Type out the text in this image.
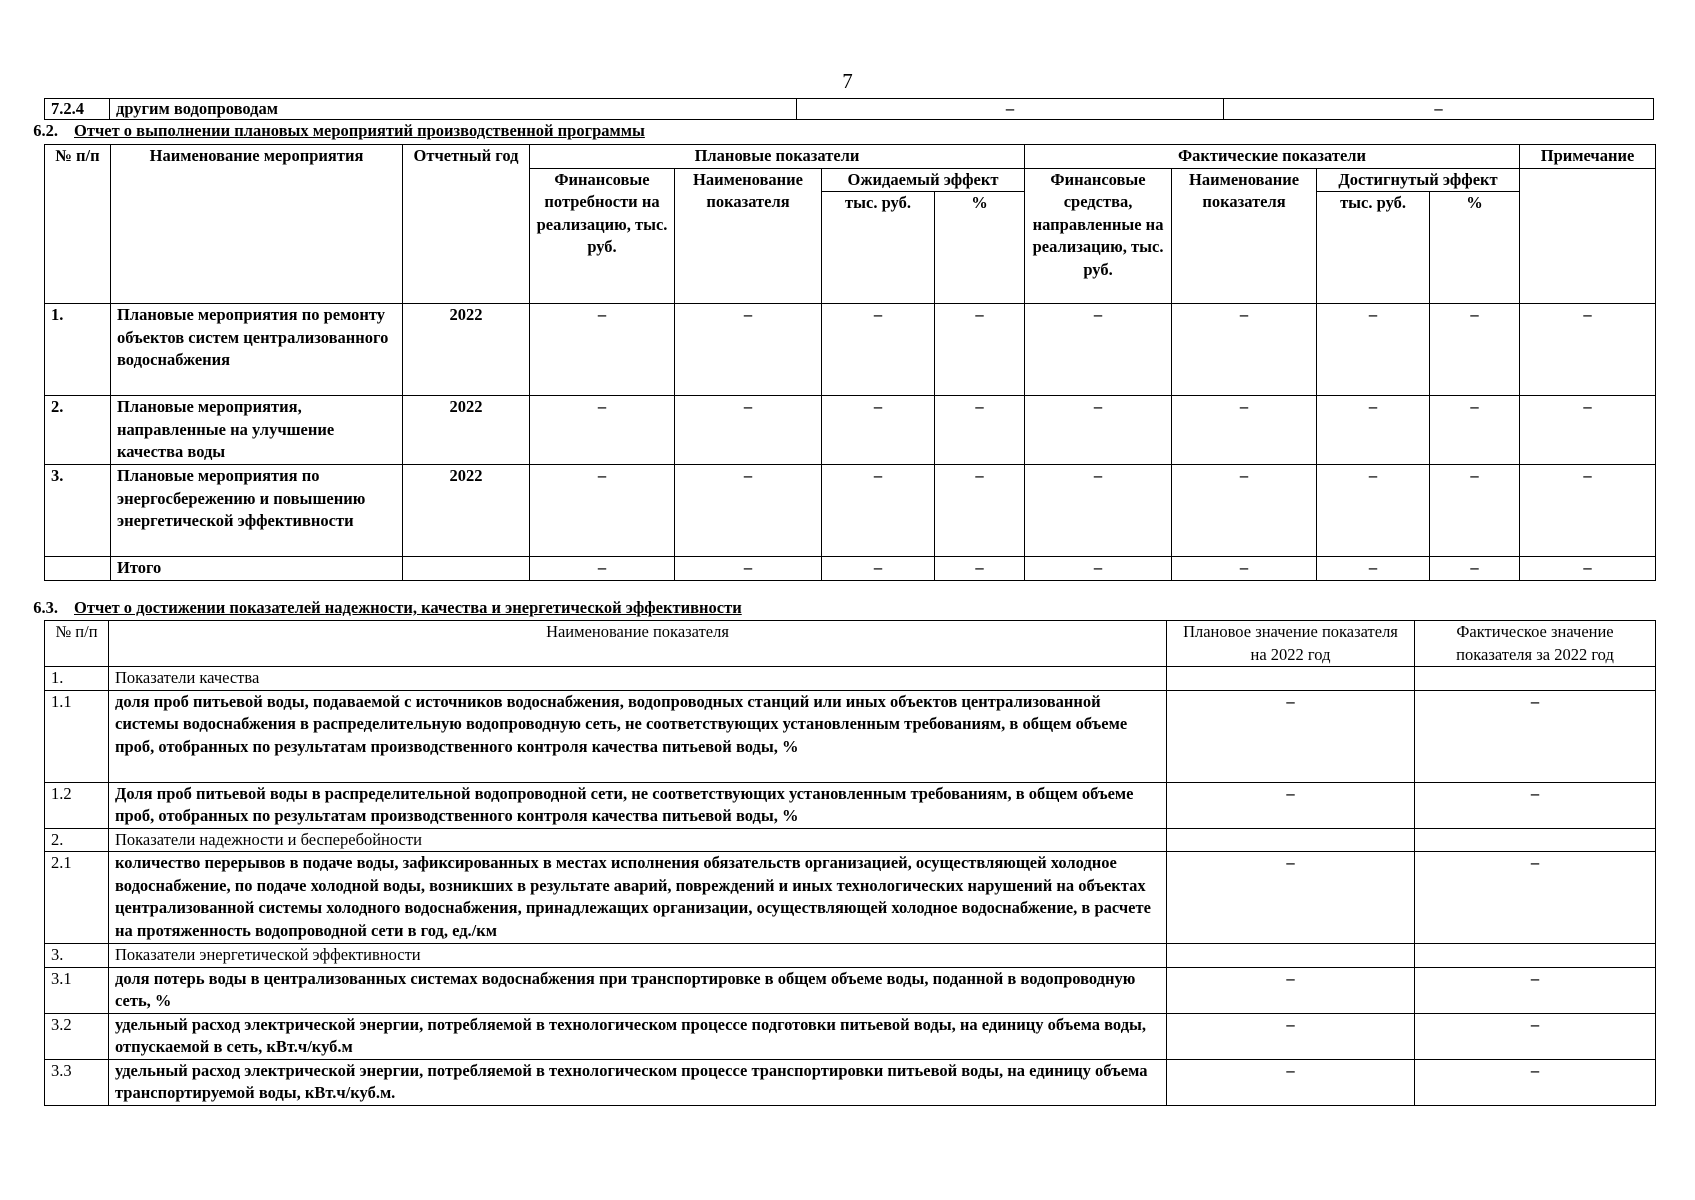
7
7.2.4	другим водопроводам	–	–
6.2. Отчет о выполнении плановых мероприятий производственной программы
№ п/п	Наименование мероприятия	Отчетный год	Плановые показатели				Фактические показатели				Примечание
			Финансовые потребности на реализацию, тыс. руб.	Наименование показателя	Ожидаемый эффект		Финансовые средства, направленные на реализацию, тыс. руб.	Наименование показателя	Достигнутый эффект		
					тыс. руб.	%			тыс. руб.	%	
1.	Плановые мероприятия по ремонту объектов систем централизованного водоснабжения	2022	–	–	–	–	–	–	–	–	–
2.	Плановые мероприятия, направленные на улучшение качества воды	2022	–	–	–	–	–	–	–	–	–
3.	Плановые мероприятия по энергосбережению и повышению энергетической эффективности	2022	–	–	–	–	–	–	–	–	–
	Итого		–	–	–	–	–	–	–	–	–
6.3. Отчет о достижении показателей надежности, качества и энергетической эффективности
№ п/п	Наименование показателя	Плановое значение показателя на 2022 год	Фактическое значение показателя за 2022 год
1.	Показатели качества		
1.1	доля проб питьевой воды, подаваемой с источников водоснабжения, водопроводных станций или иных объектов централизованной системы водоснабжения в распределительную водопроводную сеть, не соответствующих установленным требованиям, в общем объеме проб, отобранных по результатам производственного контроля качества питьевой воды, %	–	–
1.2	Доля проб питьевой воды в распределительной водопроводной сети, не соответствующих установленным требованиям, в общем объеме проб, отобранных по результатам производственного контроля качества питьевой воды, %	–	–
2.	Показатели надежности и бесперебойности		
2.1	количество перерывов в подаче воды, зафиксированных в местах исполнения обязательств организацией, осуществляющей холодное водоснабжение, по подаче холодной воды, возникших в результате аварий, повреждений и иных технологических нарушений на объектах централизованной системы холодного водоснабжения, принадлежащих организации, осуществляющей холодное водоснабжение, в расчете на протяженность водопроводной сети в год, ед./км	–	–
3.	Показатели энергетической эффективности		
3.1	доля потерь воды в централизованных системах водоснабжения при транспортировке в общем объеме воды, поданной в водопроводную сеть, %	–	–
3.2	удельный расход электрической энергии, потребляемой в технологическом процессе подготовки питьевой воды, на единицу объема воды, отпускаемой в сеть, кВт.ч/куб.м	–	–
3.3	удельный расход электрической энергии, потребляемой в технологическом процессе транспортировки питьевой воды, на единицу объема транспортируемой воды, кВт.ч/куб.м.	–	–
